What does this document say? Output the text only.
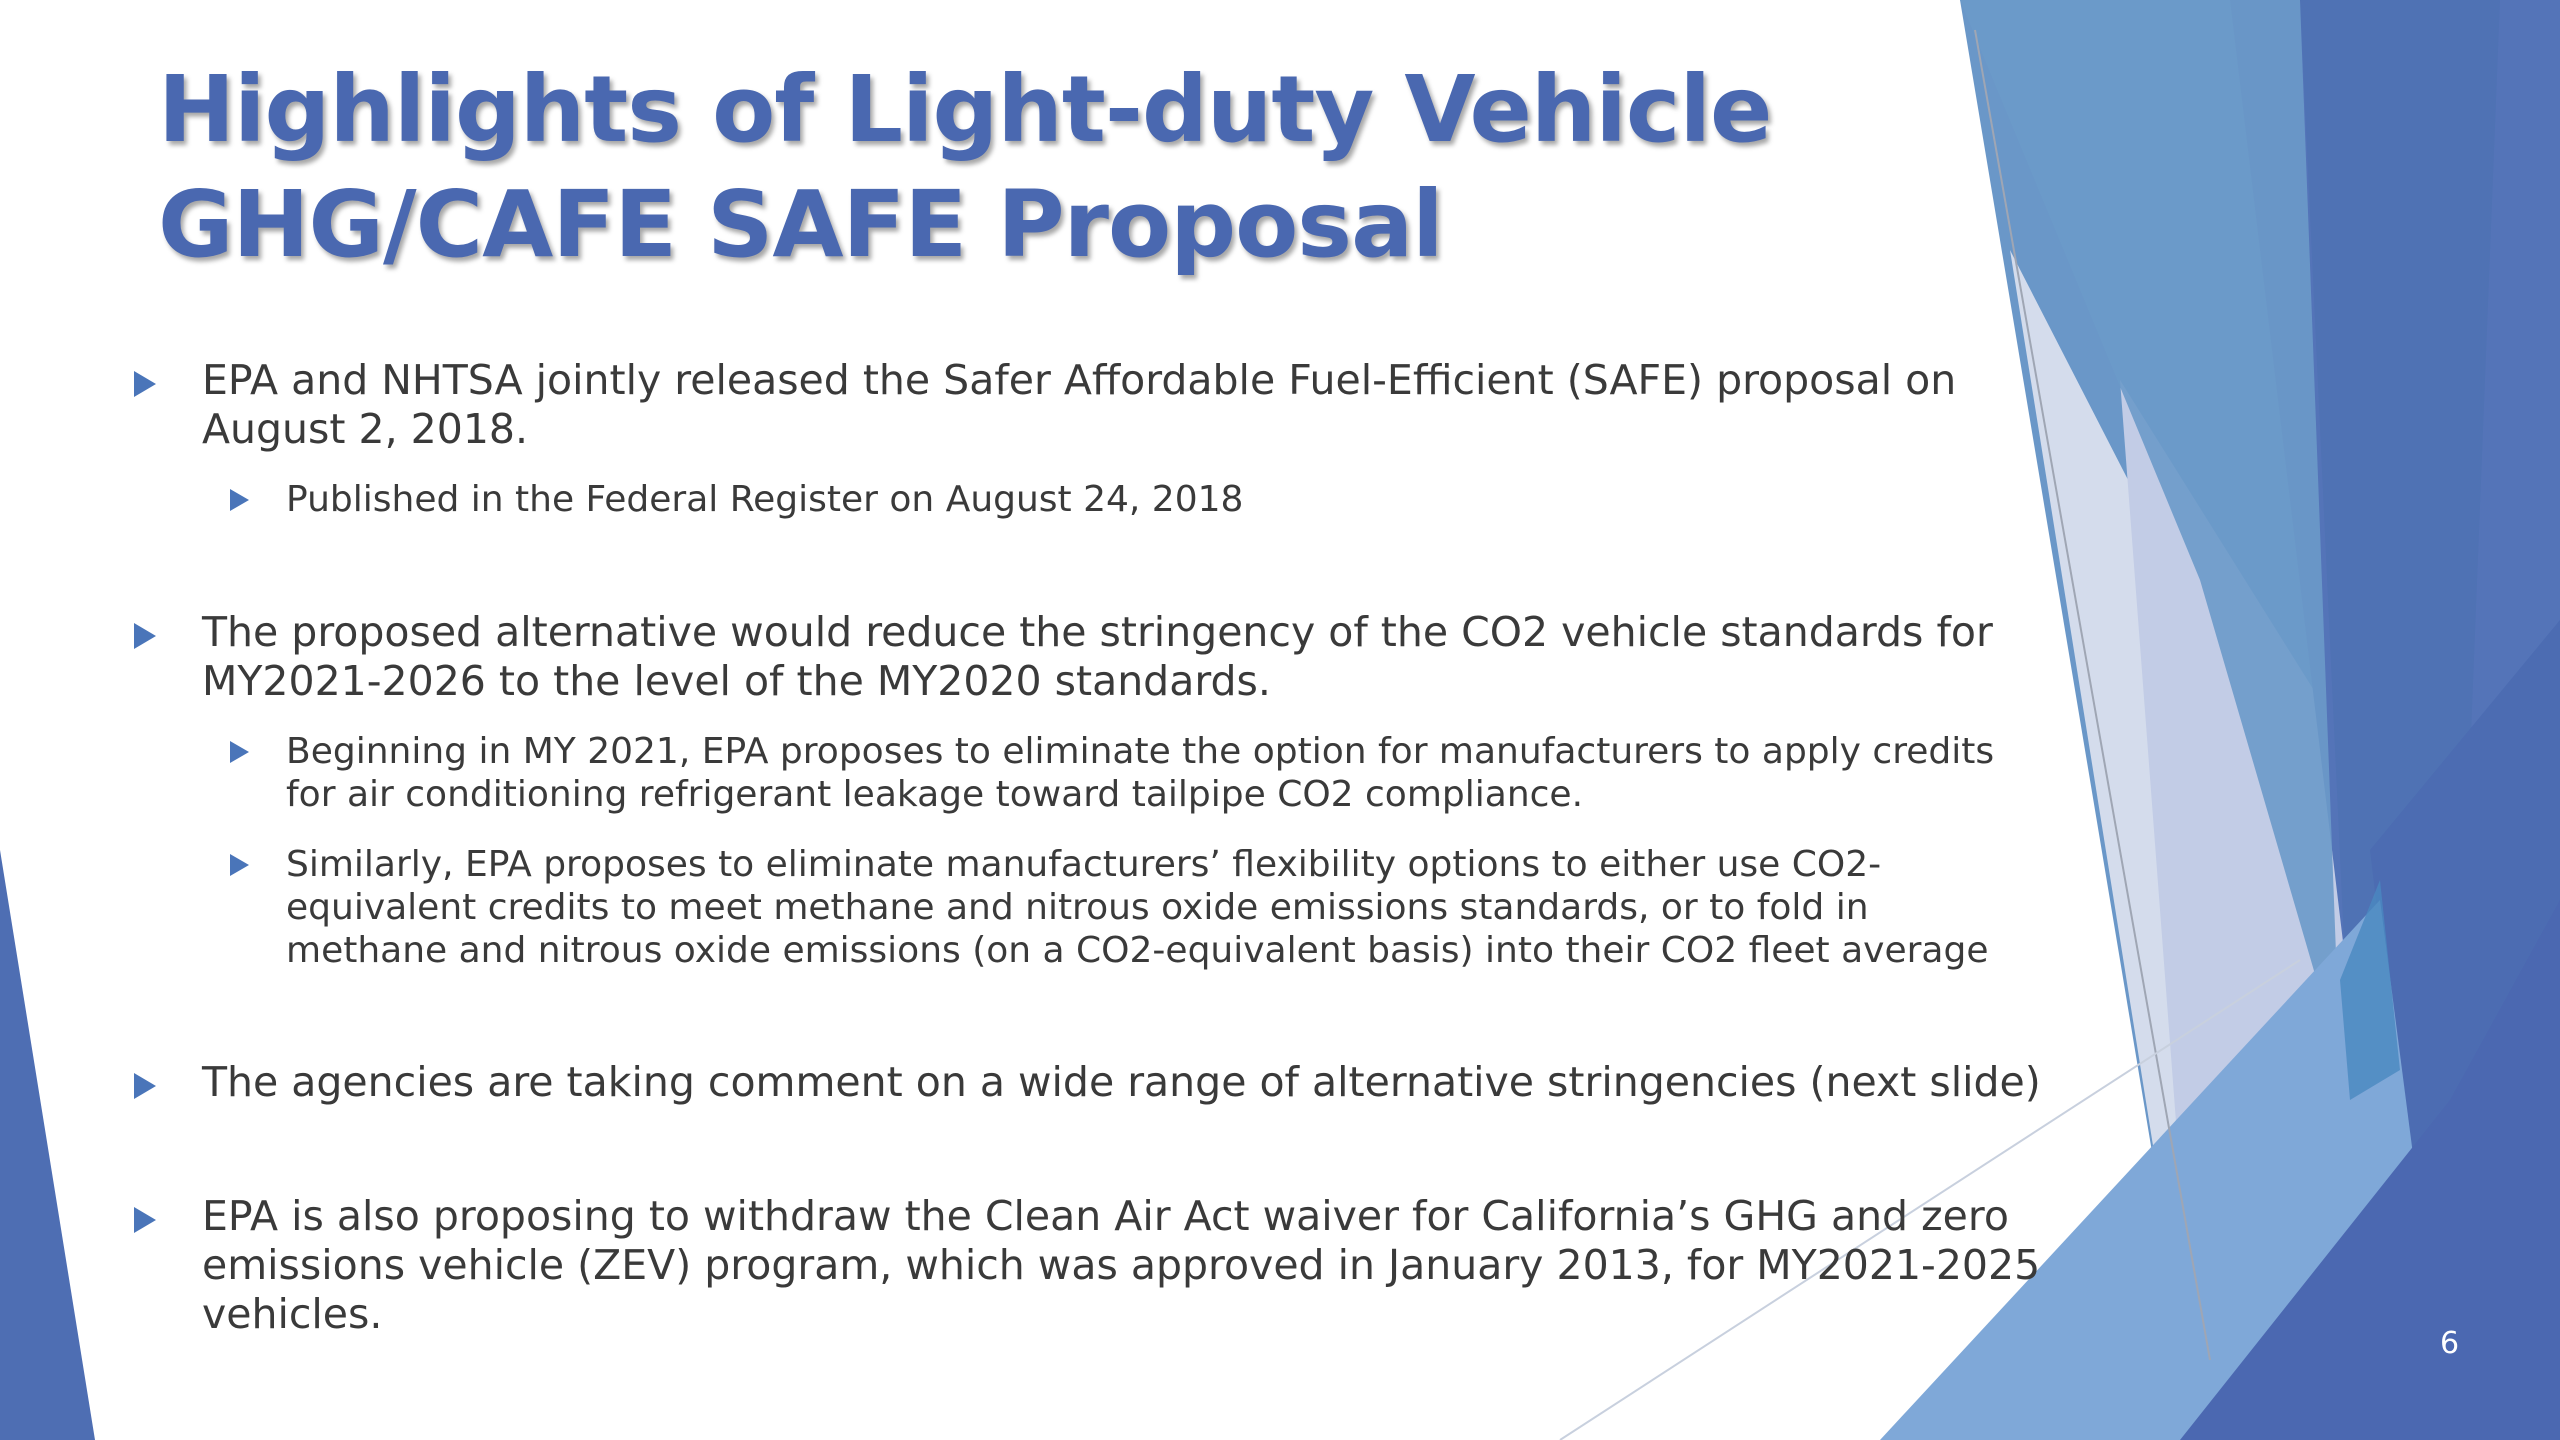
Highlights of Light-duty Vehicle
GHG/CAFE SAFE Proposal
EPA and NHTSA jointly released the Safer Affordable Fuel-Efficient (SAFE) proposal on
August 2, 2018.
Published in the Federal Register on August 24, 2018
The proposed alternative would reduce the stringency of the CO2 vehicle standards for
MY2021-2026 to the level of the MY2020 standards.
Beginning in MY 2021, EPA proposes to eliminate the option for manufacturers to apply credits
for air conditioning refrigerant leakage toward tailpipe CO2 compliance.
Similarly, EPA proposes to eliminate manufacturers’ flexibility options to either use CO2-
equivalent credits to meet methane and nitrous oxide emissions standards, or to fold in
methane and nitrous oxide emissions (on a CO2-equivalent basis) into their CO2 fleet average
The agencies are taking comment on a wide range of alternative stringencies (next slide)
EPA is also proposing to withdraw the Clean Air Act waiver for California’s GHG and zero
emissions vehicle (ZEV) program, which was approved in January 2013, for MY2021-2025
vehicles.
6
